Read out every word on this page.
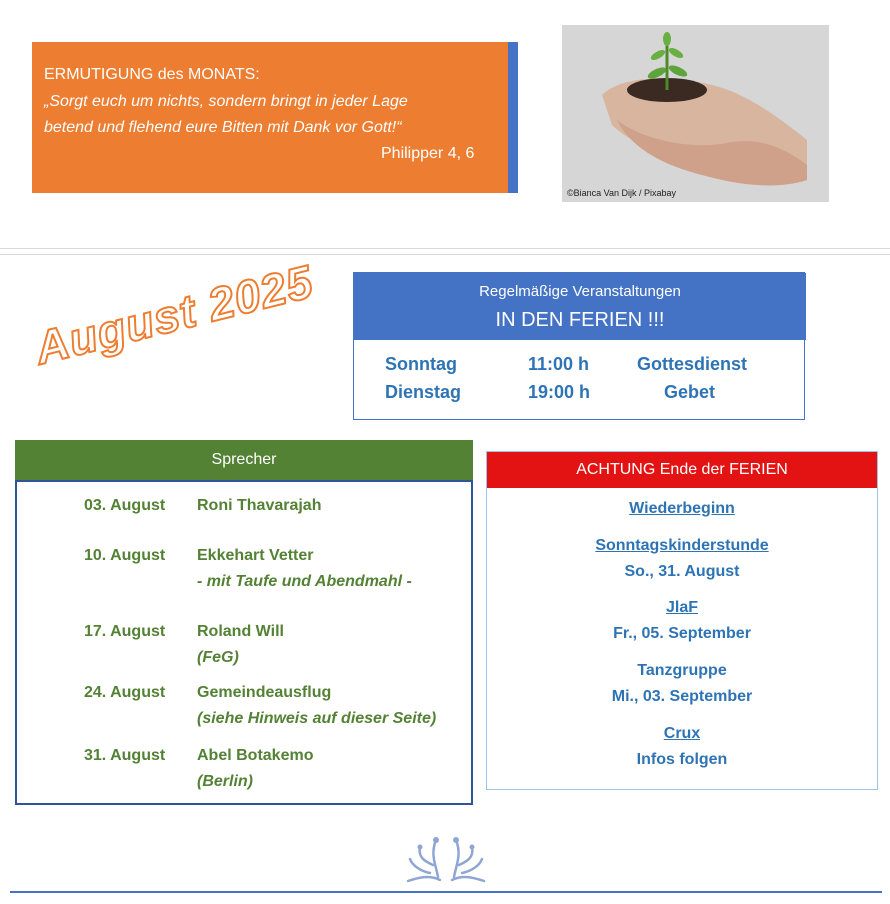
ERMUTIGUNG des MONATS:
„Sorgt euch um nichts, sondern bringt in jeder Lage
betend und flehend eure Bitten mit Dank vor Gott!“
Philipper 4, 6
©Bianca Van Dijk / Pixabay
August 2025	Regelmäßige Veranstaltungen
IN DEN FERIEN !!!
Sonntag	11:00 h	Gottesdienst
Dienstag	19:00 h	Gebet
Sprecher
03. August Roni Thavarajah
10. August Ekkehart Vetter
- mit Taufe und Abendmahl -
17. August Roland Will
(FeG)
24. August Gemeindeausflug
(siehe Hinweis auf dieser Seite)
31. August Abel Botakemo
(Berlin)
ACHTUNG Ende der FERIEN
Wiederbeginn
Sonntagskinderstunde
So., 31. August
JlaF
Fr., 05. September
Tanzgruppe
Mi., 03. September
Crux
Infos folgen
